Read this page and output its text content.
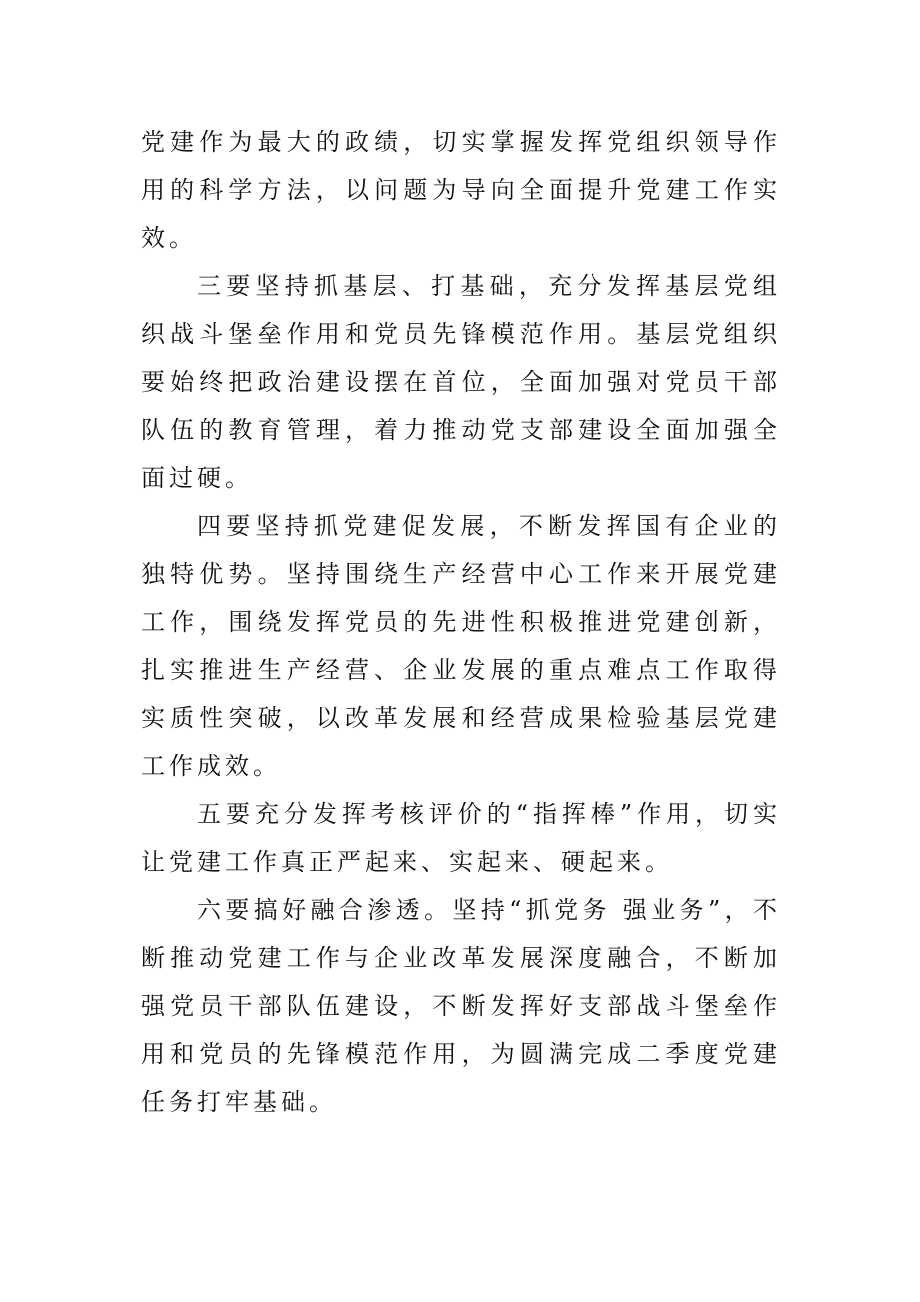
党建作为最大的政绩，切实掌握发挥党组织领导作用的科学方法，以问题为导向全面提升党建工作实效。

三要坚持抓基层、打基础，充分发挥基层党组织战斗堡垒作用和党员先锋模范作用。基层党组织要始终把政治建设摆在首位，全面加强对党员干部队伍的教育管理，着力推动党支部建设全面加强全面过硬。

四要坚持抓党建促发展，不断发挥国有企业的独特优势。坚持围绕生产经营中心工作来开展党建工作，围绕发挥党员的先进性积极推进党建创新，扎实推进生产经营、企业发展的重点难点工作取得实质性突破，以改革发展和经营成果检验基层党建工作成效。

五要充分发挥考核评价的“指挥棒”作用，切实让党建工作真正严起来、实起来、硬起来。

六要搞好融合渗透。坚持“抓党务 强业务”，不断推动党建工作与企业改革发展深度融合，不断加强党员干部队伍建设，不断发挥好支部战斗堡垒作用和党员的先锋模范作用，为圆满完成二季度党建任务打牢基础。
